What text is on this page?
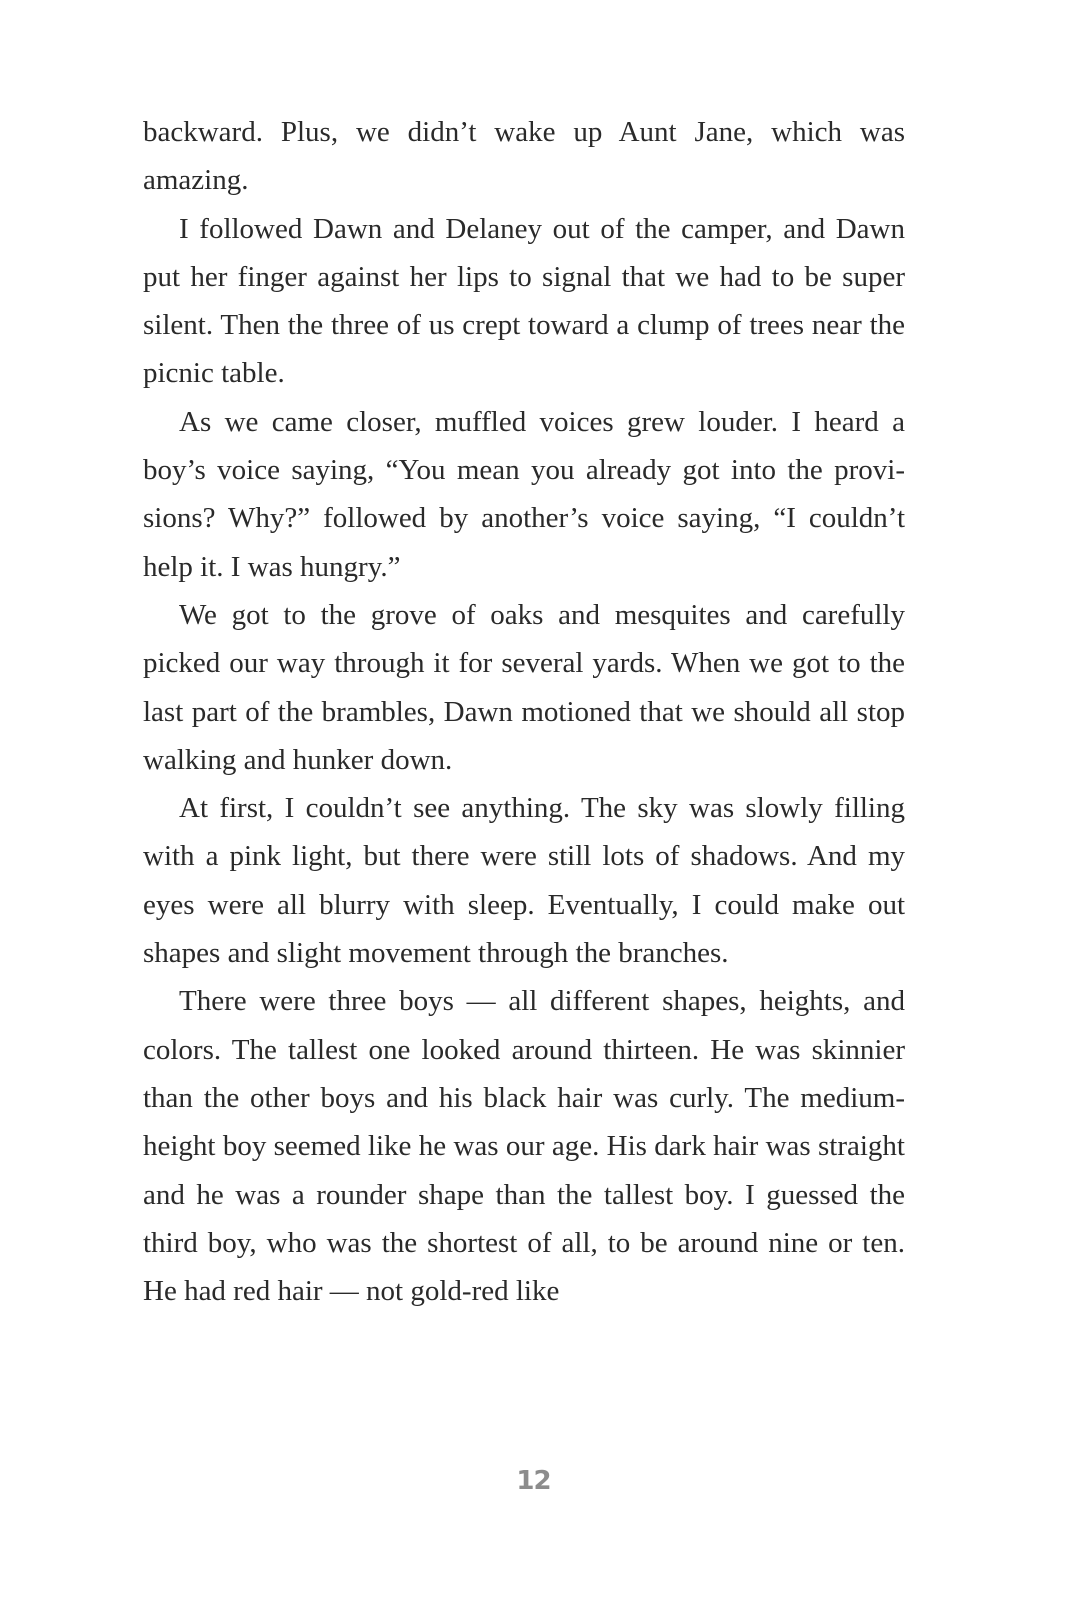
backward. Plus, we didn’t wake up Aunt Jane, which was amazing.

I followed Dawn and Delaney out of the camper, and Dawn put her finger against her lips to signal that we had to be super silent. Then the three of us crept toward a clump of trees near the picnic table.

As we came closer, muffled voices grew louder. I heard a boy’s voice saying, “You mean you already got into the provisions? Why?” followed by another’s voice saying, “I couldn’t help it. I was hungry.”

We got to the grove of oaks and mesquites and carefully picked our way through it for several yards. When we got to the last part of the brambles, Dawn motioned that we should all stop walking and hunker down.

At first, I couldn’t see anything. The sky was slowly filling with a pink light, but there were still lots of shadows. And my eyes were all blurry with sleep. Eventually, I could make out shapes and slight movement through the branches.

There were three boys — all different shapes, heights, and colors. The tallest one looked around thirteen. He was skinnier than the other boys and his black hair was curly. The medium-height boy seemed like he was our age. His dark hair was straight and he was a rounder shape than the tallest boy. I guessed the third boy, who was the shortest of all, to be around nine or ten. He had red hair — not gold-red like

12
